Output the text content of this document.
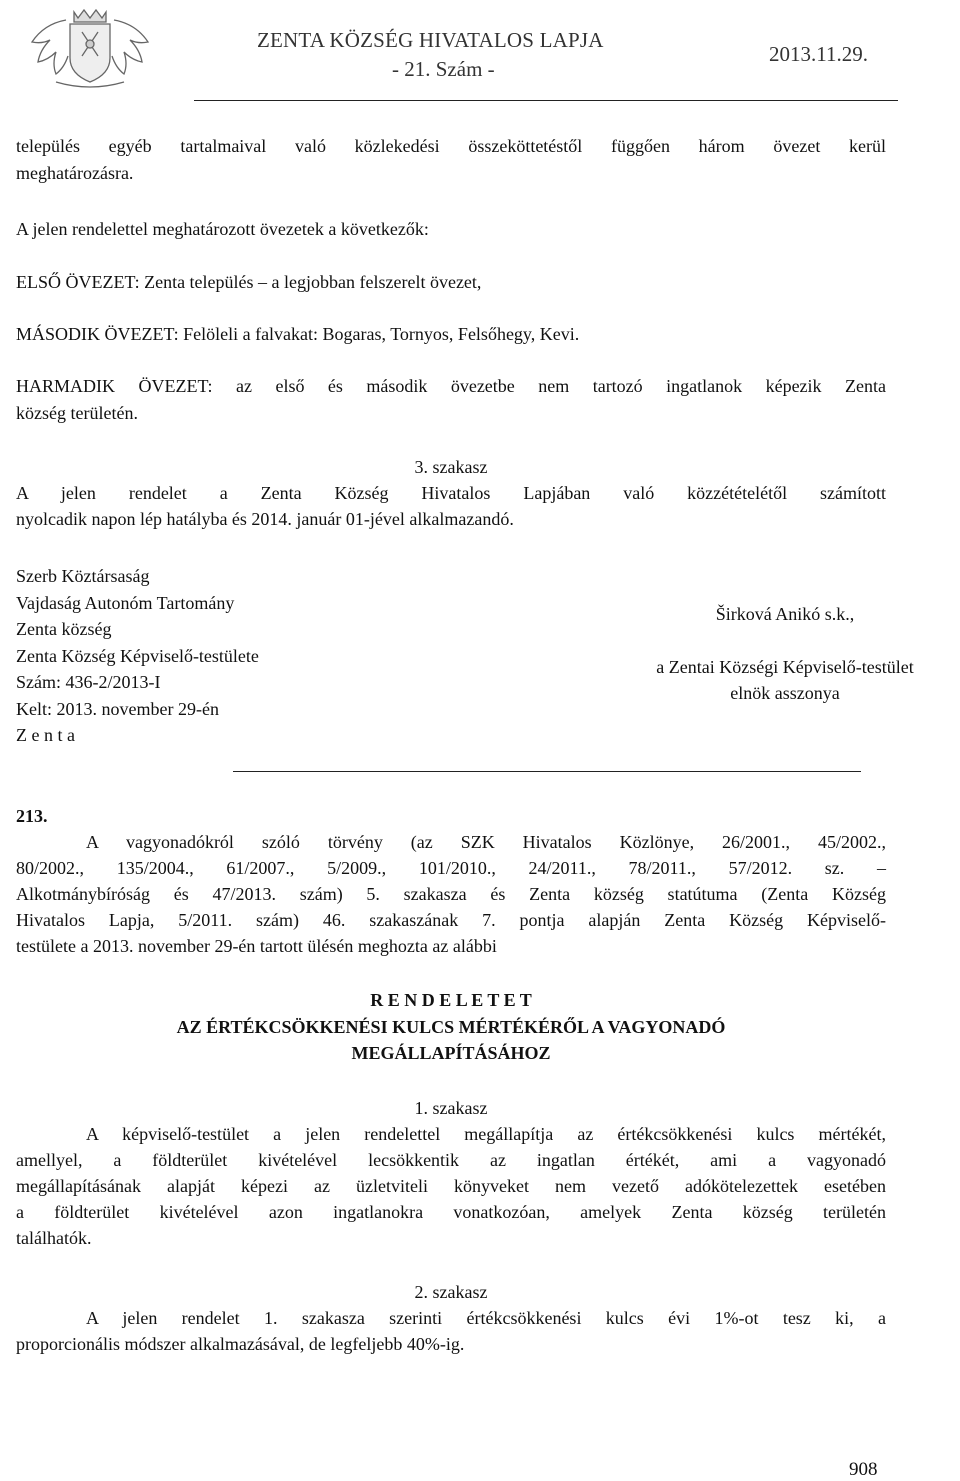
ZENTA KÖZSÉG HIVATALOS LAPJA
- 21. Szám -
2013.11.29.

település egyéb tartalmaival való közlekedési összeköttetéstől függően három övezet kerül

meghatározásra.

A jelen rendelettel meghatározott övezetek a következők:

ELSŐ ÖVEZET: Zenta település – a legjobban felszerelt övezet,

MÁSODIK ÖVEZET: Felöleli a falvakat: Bogaras, Tornyos, Felsőhegy, Kevi.

HARMADIK ÖVEZET: az első és második övezetbe nem tartozó ingatlanok képezik Zenta

község területén.

3. szakasz

A jelen rendelet a Zenta Község Hivatalos Lapjában való közzétételétől számított

nyolcadik napon lép hatályba és 2014. január 01-jével alkalmazandó.

Szerb Köztársaság
Vajdaság Autonóm Tartomány
Zenta község
Zenta Község Képviselő-testülete
Szám: 436-2/2013-I
Kelt: 2013. november 29-én
Z e n t a
Širková Anikó s.k.,
a Zentai Községi Képviselő-testület
elnök asszonya

213.

A vagyonadókról szóló törvény (az SZK Hivatalos Közlönye, 26/2001., 45/2002.,

80/2002., 135/2004., 61/2007., 5/2009., 101/2010., 24/2011., 78/2011., 57/2012. sz. –

Alkotmánybíróság és 47/2013. szám) 5. szakasza és Zenta község statútuma (Zenta Község

Hivatalos Lapja, 5/2011. szám) 46. szakaszának 7. pontja alapján Zenta Község Képviselő-

testülete a 2013. november 29-én tartott ülésén meghozta az alábbi

R E N D E L E T E T

AZ ÉRTÉKCSÖKKENÉSI KULCS MÉRTÉKÉRŐL A VAGYONADÓ

MEGÁLLAPÍTÁSÁHOZ

1. szakasz

A képviselő-testület a jelen rendelettel megállapítja az értékcsökkenési kulcs mértékét,

amellyel, a földterület kivételével lecsökkentik az ingatlan értékét, ami a vagyonadó

megállapításának alapját képezi az üzletviteli könyveket nem vezető adókötelezettek esetében

a földterület kivételével azon ingatlanokra vonatkozóan, amelyek Zenta község területén

találhatók.

2. szakasz

A jelen rendelet 1. szakasza szerinti értékcsökkenési kulcs évi 1%-ot tesz ki, a

proporcionális módszer alkalmazásával, de legfeljebb 40%-ig.

908
